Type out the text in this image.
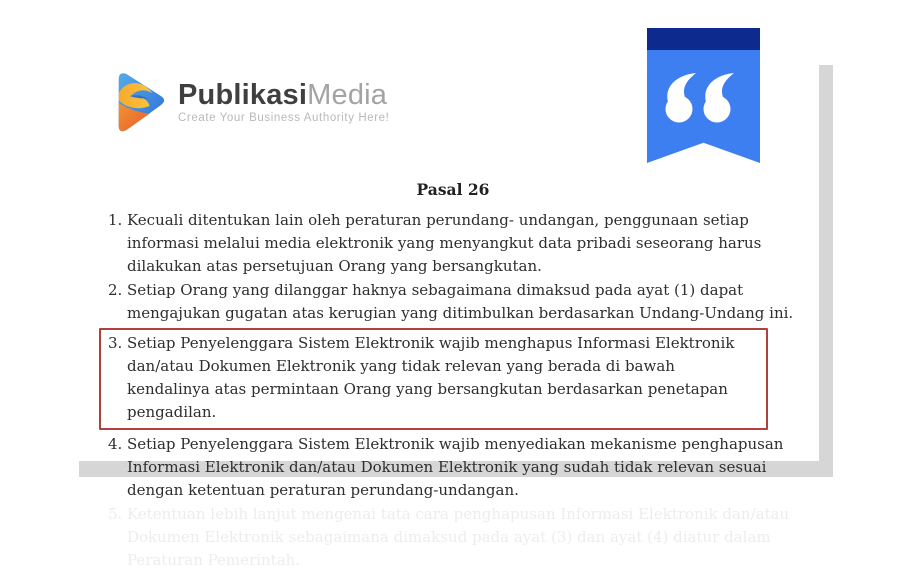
PublikasiMedia
Create Your Business Authority Here!
Pasal 26
1. Kecuali ditentukan lain oleh peraturan perundang- undangan, penggunaan setiap informasi melalui media elektronik yang menyangkut data pribadi seseorang harus dilakukan atas persetujuan Orang yang bersangkutan.
2. Setiap Orang yang dilanggar haknya sebagaimana dimaksud pada ayat (1) dapat mengajukan gugatan atas kerugian yang ditimbulkan berdasarkan Undang-Undang ini.
3. Setiap Penyelenggara Sistem Elektronik wajib menghapus Informasi Elektronik dan/atau Dokumen Elektronik yang tidak relevan yang berada di bawah kendalinya atas permintaan Orang yang bersangkutan berdasarkan penetapan pengadilan.
4. Setiap Penyelenggara Sistem Elektronik wajib menyediakan mekanisme penghapusan Informasi Elektronik dan/atau Dokumen Elektronik yang sudah tidak relevan sesuai dengan ketentuan peraturan perundang-undangan.
5. Ketentuan lebih lanjut mengenai tata cara penghapusan Informasi Elektronik dan/atau Dokumen Elektronik sebagaimana dimaksud pada ayat (3) dan ayat (4) diatur dalam Peraturan Pemerintah.
